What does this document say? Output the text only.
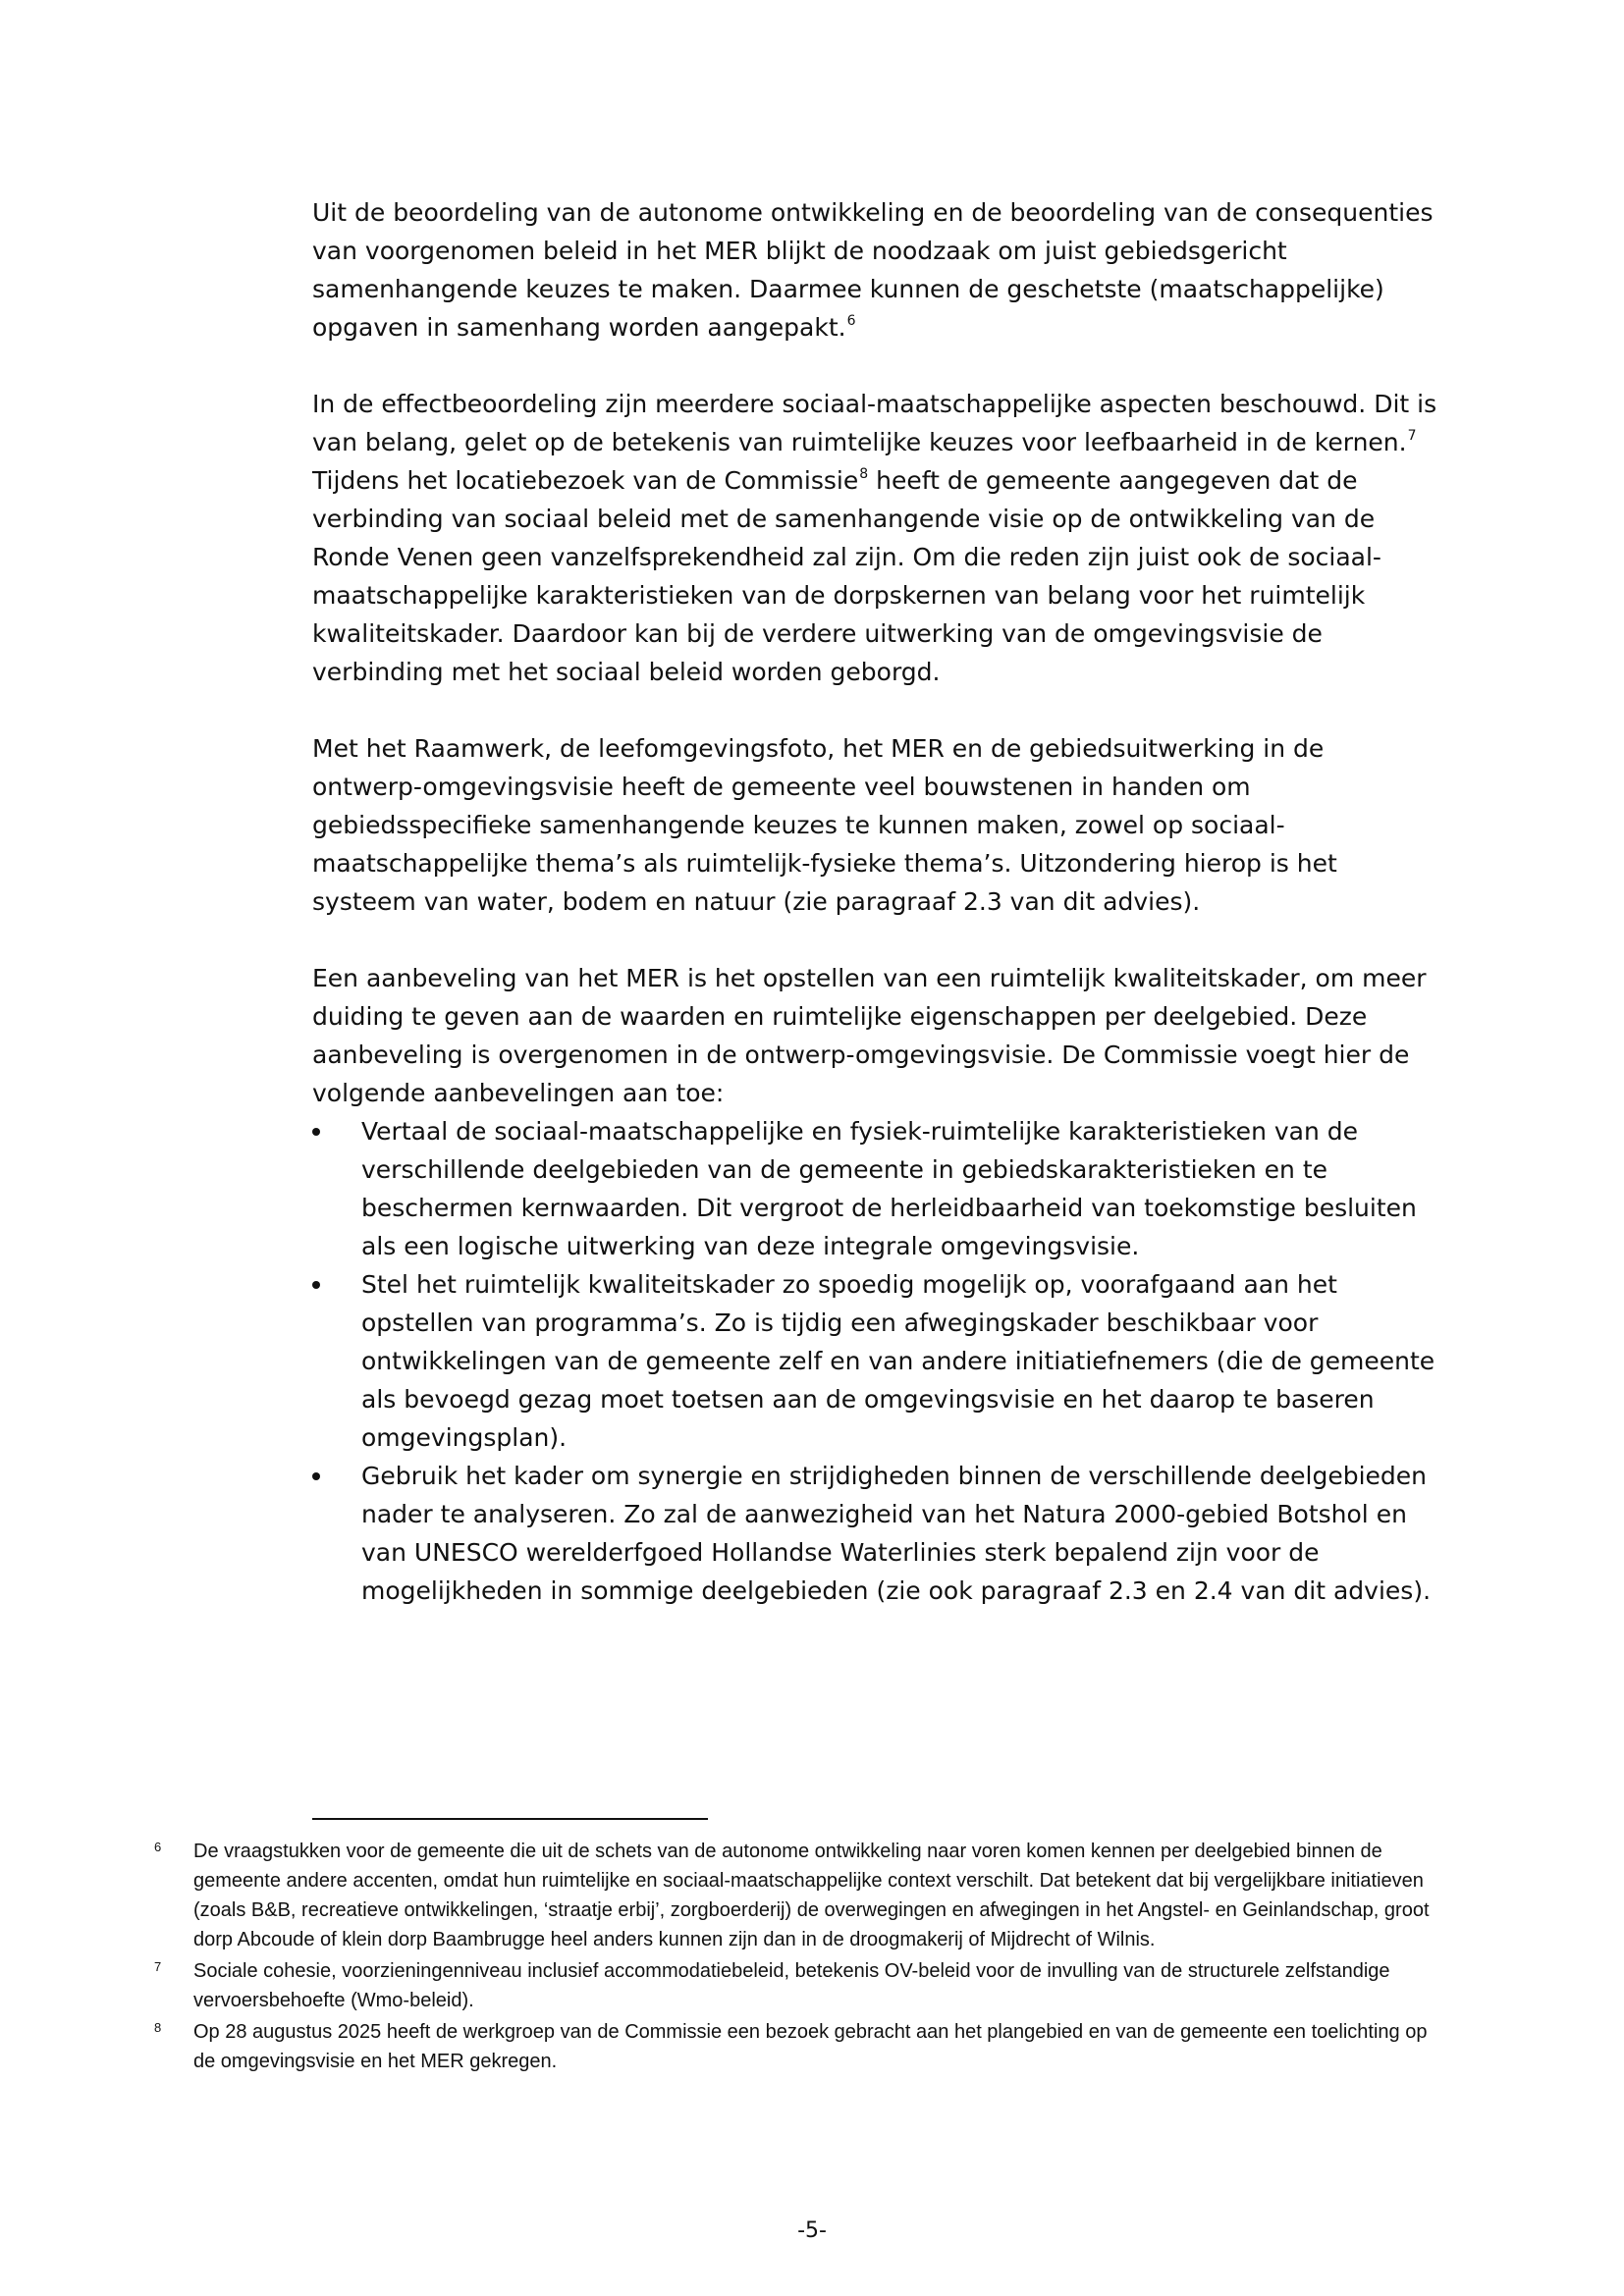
Uit de beoordeling van de autonome ontwikkeling en de beoordeling van de consequenties van voorgenomen beleid in het MER blijkt de noodzaak om juist gebiedsgericht samenhangende keuzes te maken. Daarmee kunnen de geschetste (maatschappelijke) opgaven in samenhang worden aangepakt.$^6$

In de effectbeoordeling zijn meerdere sociaal-maatschappelijke aspecten beschouwd. Dit is van belang, gelet op de betekenis van ruimtelijke keuzes voor leefbaarheid in de kernen.$^7$ Tijdens het locatiebezoek van de Commissie$^8$ heeft de gemeente aangegeven dat de verbinding van sociaal beleid met de samenhangende visie op de ontwikkeling van de Ronde Venen geen vanzelfsprekendheid zal zijn. Om die reden zijn juist ook de sociaal-maatschappelijke karakteristieken van de dorpskernen van belang voor het ruimtelijk kwaliteitskader. Daardoor kan bij de verdere uitwerking van de omgevingsvisie de verbinding met het sociaal beleid worden geborgd.

Met het Raamwerk, de leefomgevingsfoto, het MER en de gebiedsuitwerking in de ontwerp-omgevingsvisie heeft de gemeente veel bouwstenen in handen om gebiedsspecifieke samenhangende keuzes te kunnen maken, zowel op sociaal-maatschappelijke thema’s als ruimtelijk-fysieke thema’s. Uitzondering hierop is het systeem van water, bodem en natuur (zie paragraaf 2.3 van dit advies).

Een aanbeveling van het MER is het opstellen van een ruimtelijk kwaliteitskader, om meer duiding te geven aan de waarden en ruimtelijke eigenschappen per deelgebied. Deze aanbeveling is overgenomen in de ontwerp-omgevingsvisie. De Commissie voegt hier de volgende aanbevelingen aan toe:

Vertaal de sociaal-maatschappelijke en fysiek-ruimtelijke karakteristieken van de verschillende deelgebieden van de gemeente in gebiedskarakteristieken en te beschermen kernwaarden. Dit vergroot de herleidbaarheid van toekomstige besluiten als een logische uitwerking van deze integrale omgevingsvisie.
Stel het ruimtelijk kwaliteitskader zo spoedig mogelijk op, voorafgaand aan het opstellen van programma’s. Zo is tijdig een afwegingskader beschikbaar voor ontwikkelingen van de gemeente zelf en van andere initiatiefnemers (die de gemeente als bevoegd gezag moet toetsen aan de omgevingsvisie en het daarop te baseren omgevingsplan).
Gebruik het kader om synergie en strijdigheden binnen de verschillende deelgebieden nader te analyseren. Zo zal de aanwezigheid van het Natura 2000-gebied Botshol en van UNESCO werelderfgoed Hollandse Waterlinies sterk bepalend zijn voor de mogelijkheden in sommige deelgebieden (zie ook paragraaf 2.3 en 2.4 van dit advies).
6	De vraagstukken voor de gemeente die uit de schets van de autonome ontwikkeling naar voren komen kennen per deelgebied binnen de gemeente andere accenten, omdat hun ruimtelijke en sociaal-maatschappelijke context verschilt. Dat betekent dat bij vergelijkbare initiatieven (zoals B&B, recreatieve ontwikkelingen, ‘straatje erbij’, zorgboerderij) de overwegingen en afwegingen in het Angstel- en Geinlandschap, groot dorp Abcoude of klein dorp Baambrugge heel anders kunnen zijn dan in de droogmakerij of Mijdrecht of Wilnis.
7	Sociale cohesie, voorzieningenniveau inclusief accommodatiebeleid, betekenis OV-beleid voor de invulling van de structurele zelfstandige vervoersbehoefte (Wmo-beleid).
8	Op 28 augustus 2025 heeft de werkgroep van de Commissie een bezoek gebracht aan het plangebied en van de gemeente een toelichting op de omgevingsvisie en het MER gekregen.
-5-
